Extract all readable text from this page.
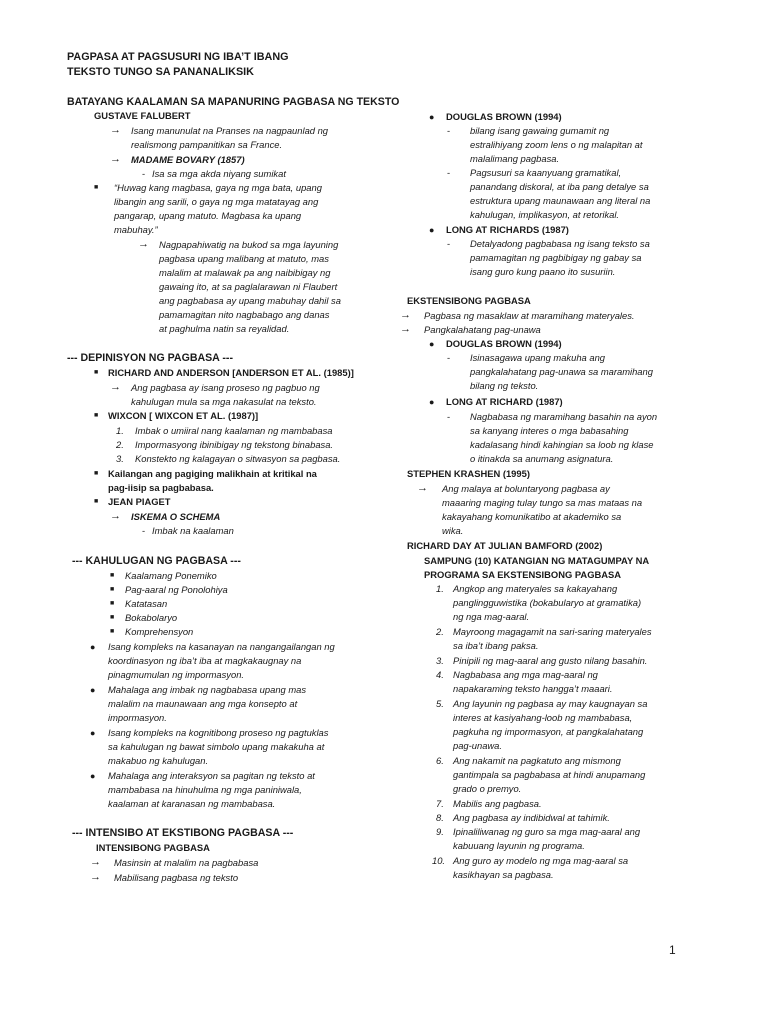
PAGPASA AT PAGSUSURI NG IBA’T IBANG
TEKSTO TUNGO SA PANANALIKSIK
BATAYANG KAALAMAN SA MAPANURING PAGBASA NG TEKSTO
GUSTAVE FALUBERT
→ Isang manunulat na Pranses na nagpaunlad ng
realismong pampanitikan sa France.
→ MADAME BOVARY (1857)
- Isa sa mga akda niyang sumikat
■ “Huwag kang magbasa, gaya ng mga bata, upang
libangin ang sarili, o gaya ng mga matatayag ang
pangarap, upang matuto. Magbasa ka upang
mabuhay.”
→ Nagpapahiwatig na bukod sa mga layuning
pagbasa upang malibang at matuto, mas
malalim at malawak pa ang naibibigay ng
gawaing ito, at sa paglalarawan ni Flaubert
ang pagbabasa ay upang mabuhay dahil sa
pamamagitan nito nagbabago ang danas
at paghulma natin sa reyalidad.
--- DEPINISYON NG PAGBASA ---
■ RICHARD AND ANDERSON [ANDERSON ET AL. (1985)]
→ Ang pagbasa ay isang proseso ng pagbuo ng
kahulugan mula sa mga nakasulat na teksto.
■ WIXCON [ WIXCON ET AL. (1987)]
1. Imbak o umiiral nang kaalaman ng mambabasa
2. Impormasyong ibinibigay ng tekstong binabasa.
3. Konstekto ng kalagayan o sitwasyon sa pagbasa.
■ Kailangan ang pagiging malikhain at kritikal na
pag-iisip sa pagbabasa.
■ JEAN PIAGET
→ ISKEMA O SCHEMA
- Imbak na kaalaman
--- KAHULUGAN NG PAGBASA ---
■ Kaalamang Ponemiko
■ Pag-aaral ng Ponolohiya
■ Katatasan
■ Bokabolaryo
■ Komprehensyon
● Isang kompleks na kasanayan na nangangailangan ng
koordinasyon ng iba’t iba at magkakaugnay na
pinagmumulan ng impormasyon.
● Mahalaga ang imbak ng nagbabasa upang mas
malalim na maunawaan ang mga konsepto at
impormasyon.
● Isang kompleks na kognitibong proseso ng pagtuklas
sa kahulugan ng bawat simbolo upang makakuha at
makabuo ng kahulugan.
● Mahalaga ang interaksyon sa pagitan ng teksto at
mambabasa na hinuhulma ng mga paniniwala,
kaalaman at karanasan ng mambabasa.
--- INTENSIBO AT EKSTIBONG PAGBASA ---
INTENSIBONG PAGBASA
→ Masinsin at malalim na pagbabasa
→ Mabilisang pagbasa ng teksto
● DOUGLAS BROWN (1994)
- bilang isang gawaing gumamit ng
estralihiyang zoom lens o ng malapitan at
malalimang pagbasa.
- Pagsusuri sa kaanyuang gramatikal,
panandang diskoral, at iba pang detalye sa
estruktura upang maunawaan ang literal na
kahulugan, implikasyon, at retorikal.
● LONG AT RICHARDS (1987)
- Detalyadong pagbabasa ng isang teksto sa
pamamagitan ng pagbibigay ng gabay sa
isang guro kung paano ito susuriin.
EKSTENSIBONG PAGBASA
→ Pagbasa ng masaklaw at maramihang materyales.
→ Pangkalahatang pag-unawa
● DOUGLAS BROWN (1994)
- Isinasagawa upang makuha ang
pangkalahatang pag-unawa sa maramihang
bilang ng teksto.
● LONG AT RICHARD (1987)
- Nagbabasa ng maramihang basahin na ayon
sa kanyang interes o mga babasahing
kadalasang hindi kahingian sa loob ng klase
o itinakda sa anumang asignatura.
STEPHEN KRASHEN (1995)
→ Ang malaya at boluntaryong pagbasa ay
maaaring maging tulay tungo sa mas mataas na
kakayahang komunikatibo at akademiko sa
wika.
RICHARD DAY AT JULIAN BAMFORD (2002)
SAMPUNG (10) KATANGIAN NG MATAGUMPAY NA
PROGRAMA SA EKSTENSIBONG PAGBASA
1. Angkop ang materyales sa kakayahang
panglingguwistika (bokabularyo at gramatika)
ng nga mag-aaral.
2. Mayroong magagamit na sari-saring materyales
sa iba’t ibang paksa.
3. Pinipili ng mag-aaral ang gusto nilang basahin.
4. Nagbabasa ang mga mag-aaral ng
napakaraming teksto hangga’t maaari.
5. Ang layunin ng pagbasa ay may kaugnayan sa
interes at kasiyahang-loob ng mambabasa,
pagkuha ng impormasyon, at pangkalahatang
pag-unawa.
6. Ang nakamit na pagkatuto ang mismong
gantimpala sa pagbabasa at hindi anupamang
grado o premyo.
7. Mabilis ang pagbasa.
8. Ang pagbasa ay indibidwal at tahimik.
9. Ipinaliliwanag ng guro sa mga mag-aaral ang
kabuuang layunin ng programa.
10. Ang guro ay modelo ng mga mag-aaral sa
kasikhayan sa pagbasa.
1
